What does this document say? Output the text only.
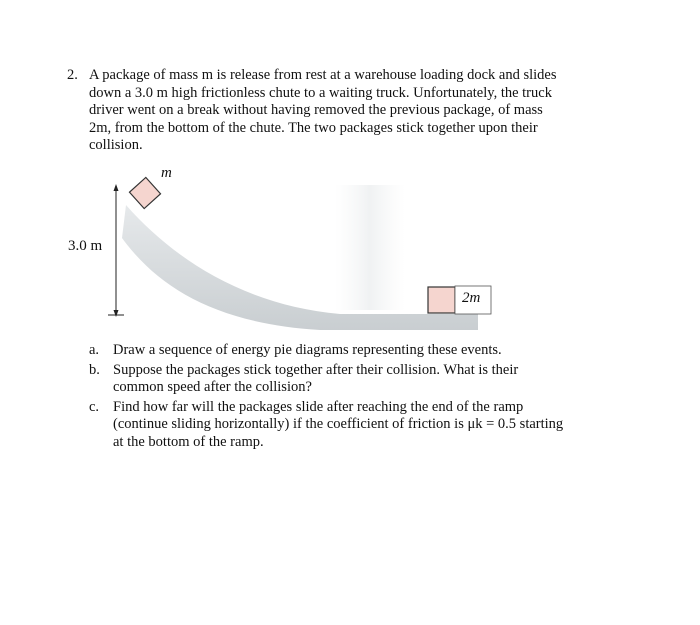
2. A package of mass m is release from rest at a warehouse loading dock and slides
down a 3.0 m high frictionless chute to a waiting truck. Unfortunately, the truck
driver went on a break without having removed the previous package, of mass
2m, from the bottom of the chute. The two packages stick together upon their
collision.
3.0 m
m
2m
a. Draw a sequence of energy pie diagrams representing these events.
b. Suppose the packages stick together after their collision. What is their
common speed after the collision?
c. Find how far will the packages slide after reaching the end of the ramp
(continue sliding horizontally) if the coefficient of friction is μk = 0.5 starting
at the bottom of the ramp.
